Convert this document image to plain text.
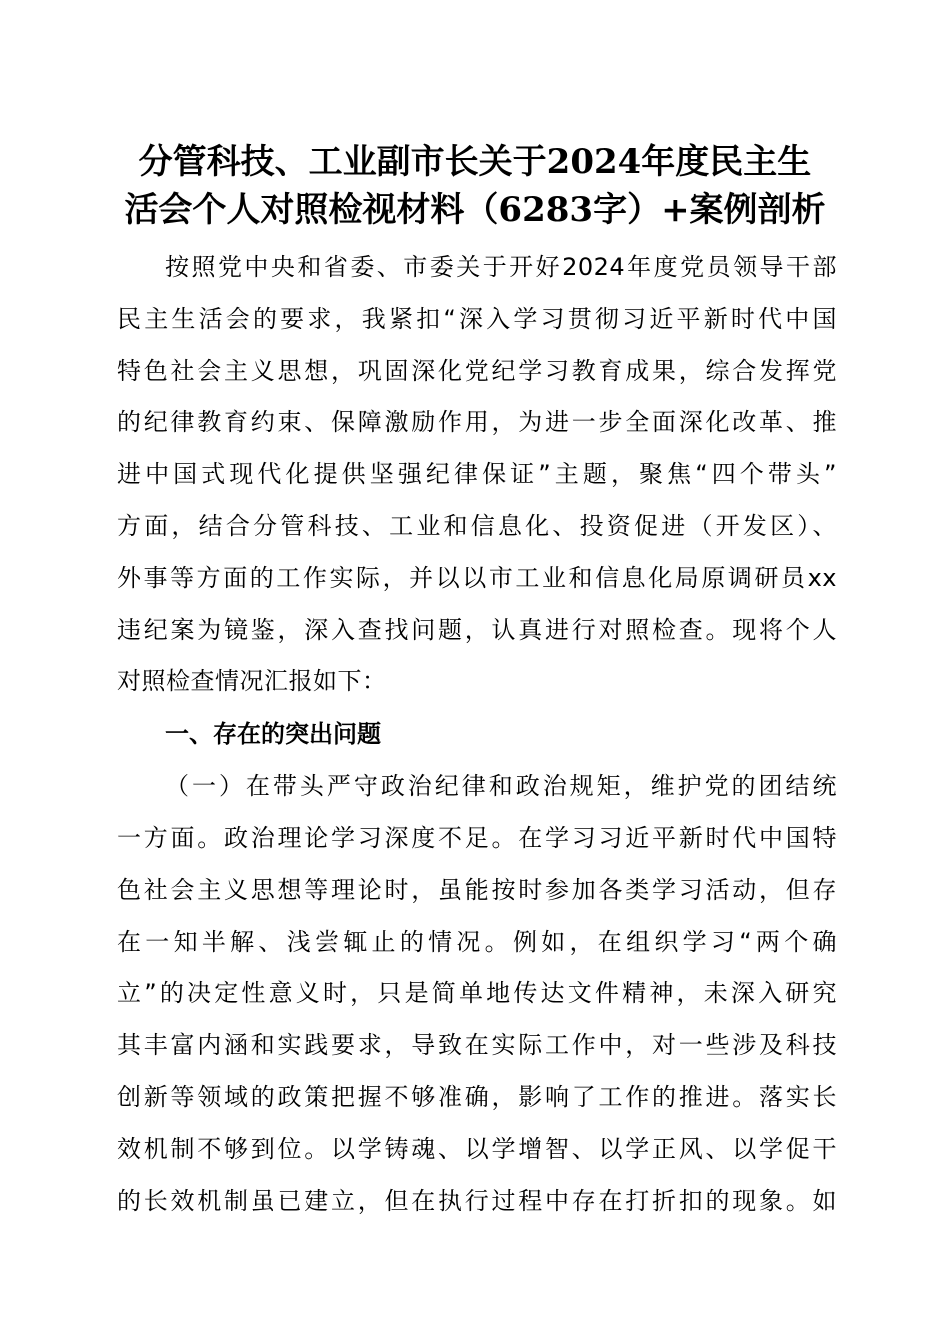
分管科技、工业副市长关于2024年度民主生
活会个人对照检视材料（6283字）+案例剖析
按照党中央和省委、市委关于开好2024年度党员领导干部
民主生活会的要求，我紧扣“深入学习贯彻习近平新时代中国
特色社会主义思想，巩固深化党纪学习教育成果，综合发挥党
的纪律教育约束、保障激励作用，为进一步全面深化改革、推
进中国式现代化提供坚强纪律保证”主题，聚焦“四个带头”
方面，结合分管科技、工业和信息化、投资促进（开发区）、
外事等方面的工作实际，并以以市工业和信息化局原调研员xx
违纪案为镜鉴，深入查找问题，认真进行对照检查。现将个人
对照检查情况汇报如下：
一、存在的突出问题
（一）在带头严守政治纪律和政治规矩，维护党的团结统
一方面。政治理论学习深度不足。在学习习近平新时代中国特
色社会主义思想等理论时，虽能按时参加各类学习活动，但存
在一知半解、浅尝辄止的情况。例如，在组织学习“两个确
立”的决定性意义时，只是简单地传达文件精神，未深入研究
其丰富内涵和实践要求，导致在实际工作中，对一些涉及科技
创新等领域的政策把握不够准确，影响了工作的推进。落实长
效机制不够到位。以学铸魂、以学增智、以学正风、以学促干
的长效机制虽已建立，但在执行过程中存在打折扣的现象。如
